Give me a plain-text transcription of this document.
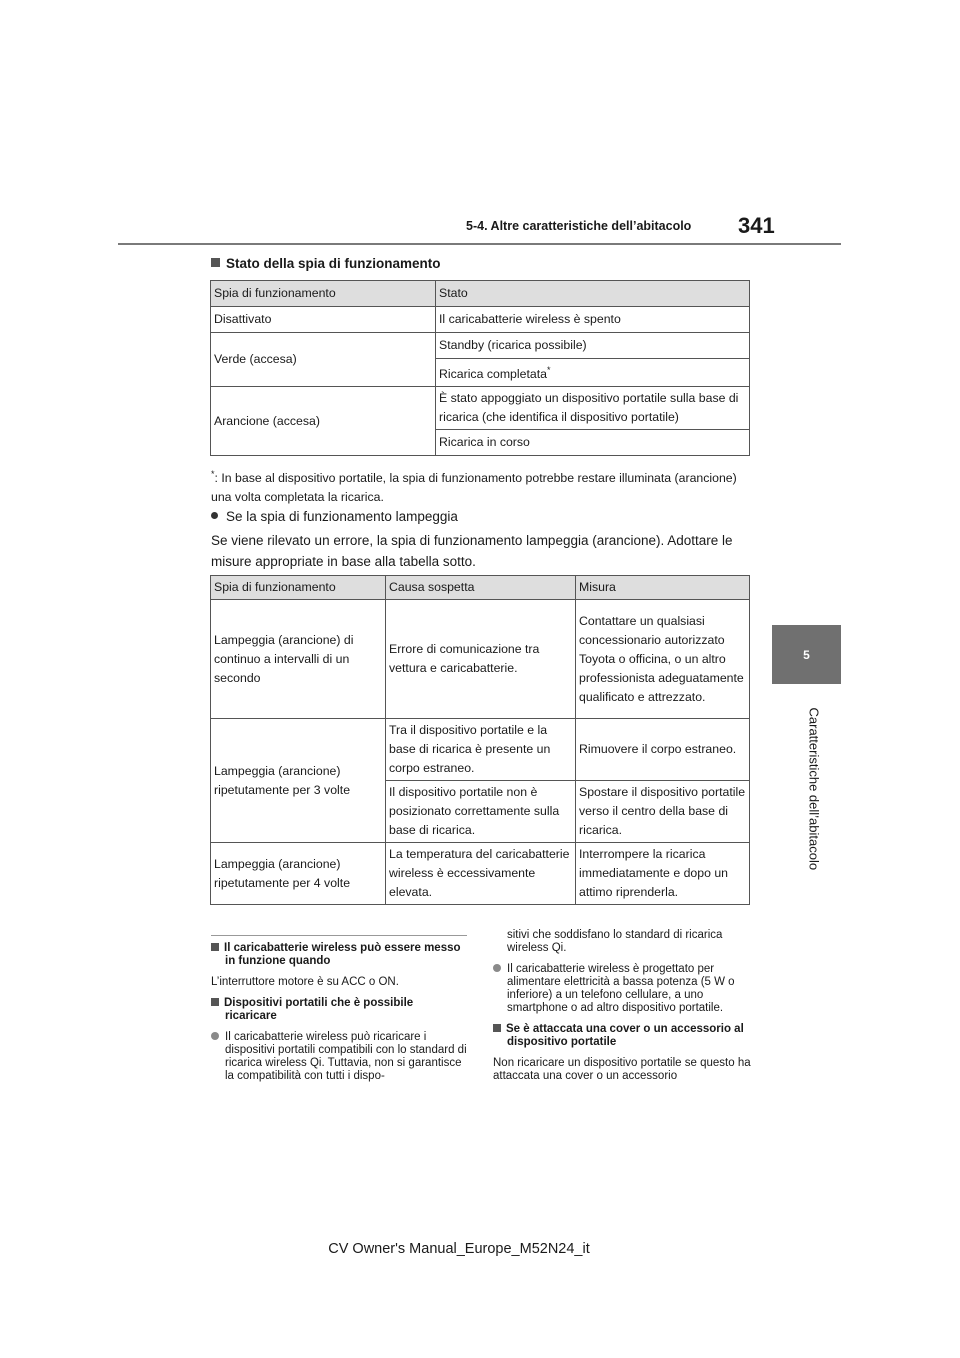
5-4. Altre caratteristiche dell’abitacolo 341
5
Caratteristiche dell’abitacolo
Stato della spia di funzionamento
Spia di funzionamento	Stato
Disattivato	Il caricabatterie wireless è spento
Verde (accesa)	Standby (ricarica possibile)
	Ricarica completata*
Arancione (accesa)	È stato appoggiato un dispositivo portatile sulla base di ricarica (che identifica il dispositivo portatile)
	Ricarica in corso
*: In base al dispositivo portatile, la spia di funzionamento potrebbe restare illuminata (arancione) una volta completata la ricarica.
Se la spia di funzionamento lampeggia
Se viene rilevato un errore, la spia di funzionamento lampeggia (arancione). Adottare le misure appropriate in base alla tabella sotto.
Spia di funzionamento	Causa sospetta	Misura
Lampeggia (arancione) di continuo a intervalli di un secondo	Errore di comunicazione tra vettura e caricabatterie.	Contattare un qualsiasi concessionario autorizzato Toyota o officina, o un altro professionista adeguatamente qualificato e attrezzato.
Lampeggia (arancione) ripetutamente per 3 volte	Tra il dispositivo portatile e la base di ricarica è presente un corpo estraneo.	Rimuovere il corpo estraneo.
	Il dispositivo portatile non è posizionato correttamente sulla base di ricarica.	Spostare il dispositivo portatile verso il centro della base di ricarica.
Lampeggia (arancione) ripetutamente per 4 volte	La temperatura del caricabatterie wireless è eccessivamente elevata.	Interrompere la ricarica immediatamente e dopo un attimo riprenderla.

Il caricabatterie wireless può essere messo in funzione quando

L’interruttore motore è su ACC o ON.

Dispositivi portatili che è possibile ricaricare

Il caricabatterie wireless può ricaricare i dispositivi portatili compatibili con lo standard di ricarica wireless Qi. Tuttavia, non si garantisce la compatibilità con tutti i dispo-

sitivi che soddisfano lo standard di ricarica wireless Qi.

Il caricabatterie wireless è progettato per alimentare elettricità a bassa potenza (5 W o inferiore) a un telefono cellulare, a uno smartphone o ad altro dispositivo portatile.

Se è attaccata una cover o un accessorio al dispositivo portatile

Non ricaricare un dispositivo portatile se questo ha attaccata una cover o un accessorio

CV Owner's Manual_Europe_M52N24_it
